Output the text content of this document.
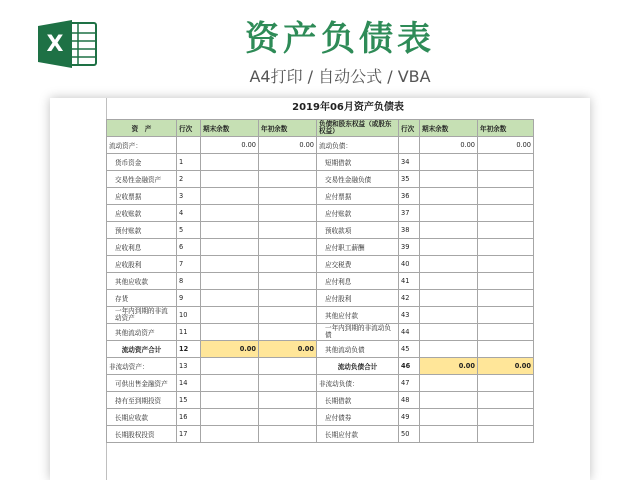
X	资产负债表
A4打印 / 自动公式 / VBA
2019年06月资产负债表
资　产	行次	期末余数	年初余数	负债和股东权益（或股东权益）	行次	期末余数	年初余数
流动资产：		0.00	0.00	流动负债：		0.00	0.00
货币资金	1			短期借款	34		
交易性金融资产	2			交易性金融负债	35		
应收票据	3			应付票据	36		
应收账款	4			应付账款	37		
预付账款	5			预收款项	38		
应收利息	6			应付职工薪酬	39		
应收股利	7			应交税费	40		
其他应收款	8			应付利息	41		
存货	9			应付股利	42		
一年内到期的非流动资产	10			其他应付款	43		
其他流动资产	11			一年内到期的非流动负债	44		
流动资产合计	12	0.00	0.00	其他流动负债	45		
非流动资产：	13			流动负债合计	46	0.00	0.00
可供出售金融资产	14			非流动负债：	47		
持有至到期投资	15			长期借款	48		
长期应收款	16			应付债券	49		
长期股权投资	17			长期应付款	50		
